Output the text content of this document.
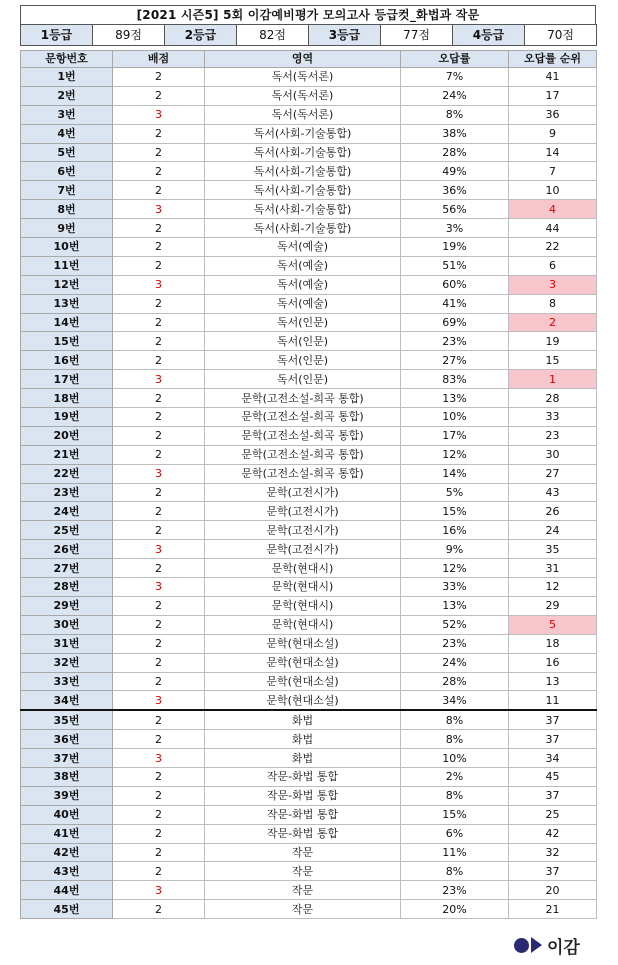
[2021 시즌5] 5회 이감예비평가 모의고사 등급컷_화법과 작문
1등급	89점	2등급	82점	3등급	77점	4등급	70점
문항번호	배점	영역	오답률	오답률 순위
1번	2	독서(독서론)	7%	41
2번	2	독서(독서론)	24%	17
3번	3	독서(독서론)	8%	36
4번	2	독서(사회-기술통합)	38%	9
5번	2	독서(사회-기술통합)	28%	14
6번	2	독서(사회-기술통합)	49%	7
7번	2	독서(사회-기술통합)	36%	10
8번	3	독서(사회-기술통합)	56%	4
9번	2	독서(사회-기술통합)	3%	44
10번	2	독서(예술)	19%	22
11번	2	독서(예술)	51%	6
12번	3	독서(예술)	60%	3
13번	2	독서(예술)	41%	8
14번	2	독서(인문)	69%	2
15번	2	독서(인문)	23%	19
16번	2	독서(인문)	27%	15
17번	3	독서(인문)	83%	1
18번	2	문학(고전소설-희곡 통합)	13%	28
19번	2	문학(고전소설-희곡 통합)	10%	33
20번	2	문학(고전소설-희곡 통합)	17%	23
21번	2	문학(고전소설-희곡 통합)	12%	30
22번	3	문학(고전소설-희곡 통합)	14%	27
23번	2	문학(고전시가)	5%	43
24번	2	문학(고전시가)	15%	26
25번	2	문학(고전시가)	16%	24
26번	3	문학(고전시가)	9%	35
27번	2	문학(현대시)	12%	31
28번	3	문학(현대시)	33%	12
29번	2	문학(현대시)	13%	29
30번	2	문학(현대시)	52%	5
31번	2	문학(현대소설)	23%	18
32번	2	문학(현대소설)	24%	16
33번	2	문학(현대소설)	28%	13
34번	3	문학(현대소설)	34%	11
35번	2	화법	8%	37
36번	2	화법	8%	37
37번	3	화법	10%	34
38번	2	작문-화법 통합	2%	45
39번	2	작문-화법 통합	8%	37
40번	2	작문-화법 통합	15%	25
41번	2	작문-화법 통합	6%	42
42번	2	작문	11%	32
43번	2	작문	8%	37
44번	3	작문	23%	20
45번	2	작문	20%	21
이감
